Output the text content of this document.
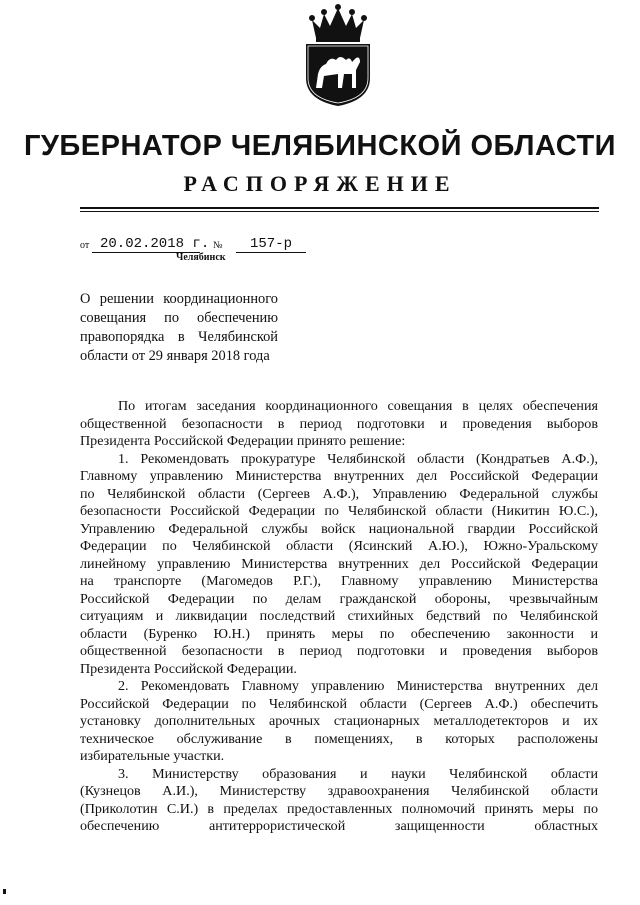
ГУБЕРНАТОР ЧЕЛЯБИНСКОЙ ОБЛАСТИ
РАСПОРЯЖЕНИЕ
от 20.02.2018 г. № 157-р
Челябинск
О решении координационного
совещания по обеспечению
правопорядка в Челябинской
области от 29 января 2018 года
По итогам заседания координационного совещания в целях обеспечения
общественной безопасности в период подготовки и проведения выборов
Президента Российской Федерации принято решение:
1. Рекомендовать прокуратуре Челябинской области (Кондратьев А.Ф.),
Главному управлению Министерства внутренних дел Российской Федерации
по Челябинской области (Сергеев А.Ф.), Управлению Федеральной службы
безопасности Российской Федерации по Челябинской области (Никитин Ю.С.),
Управлению Федеральной службы войск национальной гвардии Российской
Федерации по Челябинской области (Ясинский А.Ю.), Южно-Уральскому
линейному управлению Министерства внутренних дел Российской Федерации
на транспорте (Магомедов Р.Г.), Главному управлению Министерства
Российской Федерации по делам гражданской обороны, чрезвычайным
ситуациям и ликвидации последствий стихийных бедствий по Челябинской
области (Буренко Ю.Н.) принять меры по обеспечению законности и
общественной безопасности в период подготовки и проведения выборов
Президента Российской Федерации.
2. Рекомендовать Главному управлению Министерства внутренних дел
Российской Федерации по Челябинской области (Сергеев А.Ф.) обеспечить
установку дополнительных арочных стационарных металлодетекторов и их
техническое обслуживание в помещениях, в которых расположены
избирательные участки.
3. Министерству образования и науки Челябинской области
(Кузнецов А.И.), Министерству здравоохранения Челябинской области
(Приколотин С.И.) в пределах предоставленных полномочий принять меры по
обеспечению антитеррористической защищенности областных
